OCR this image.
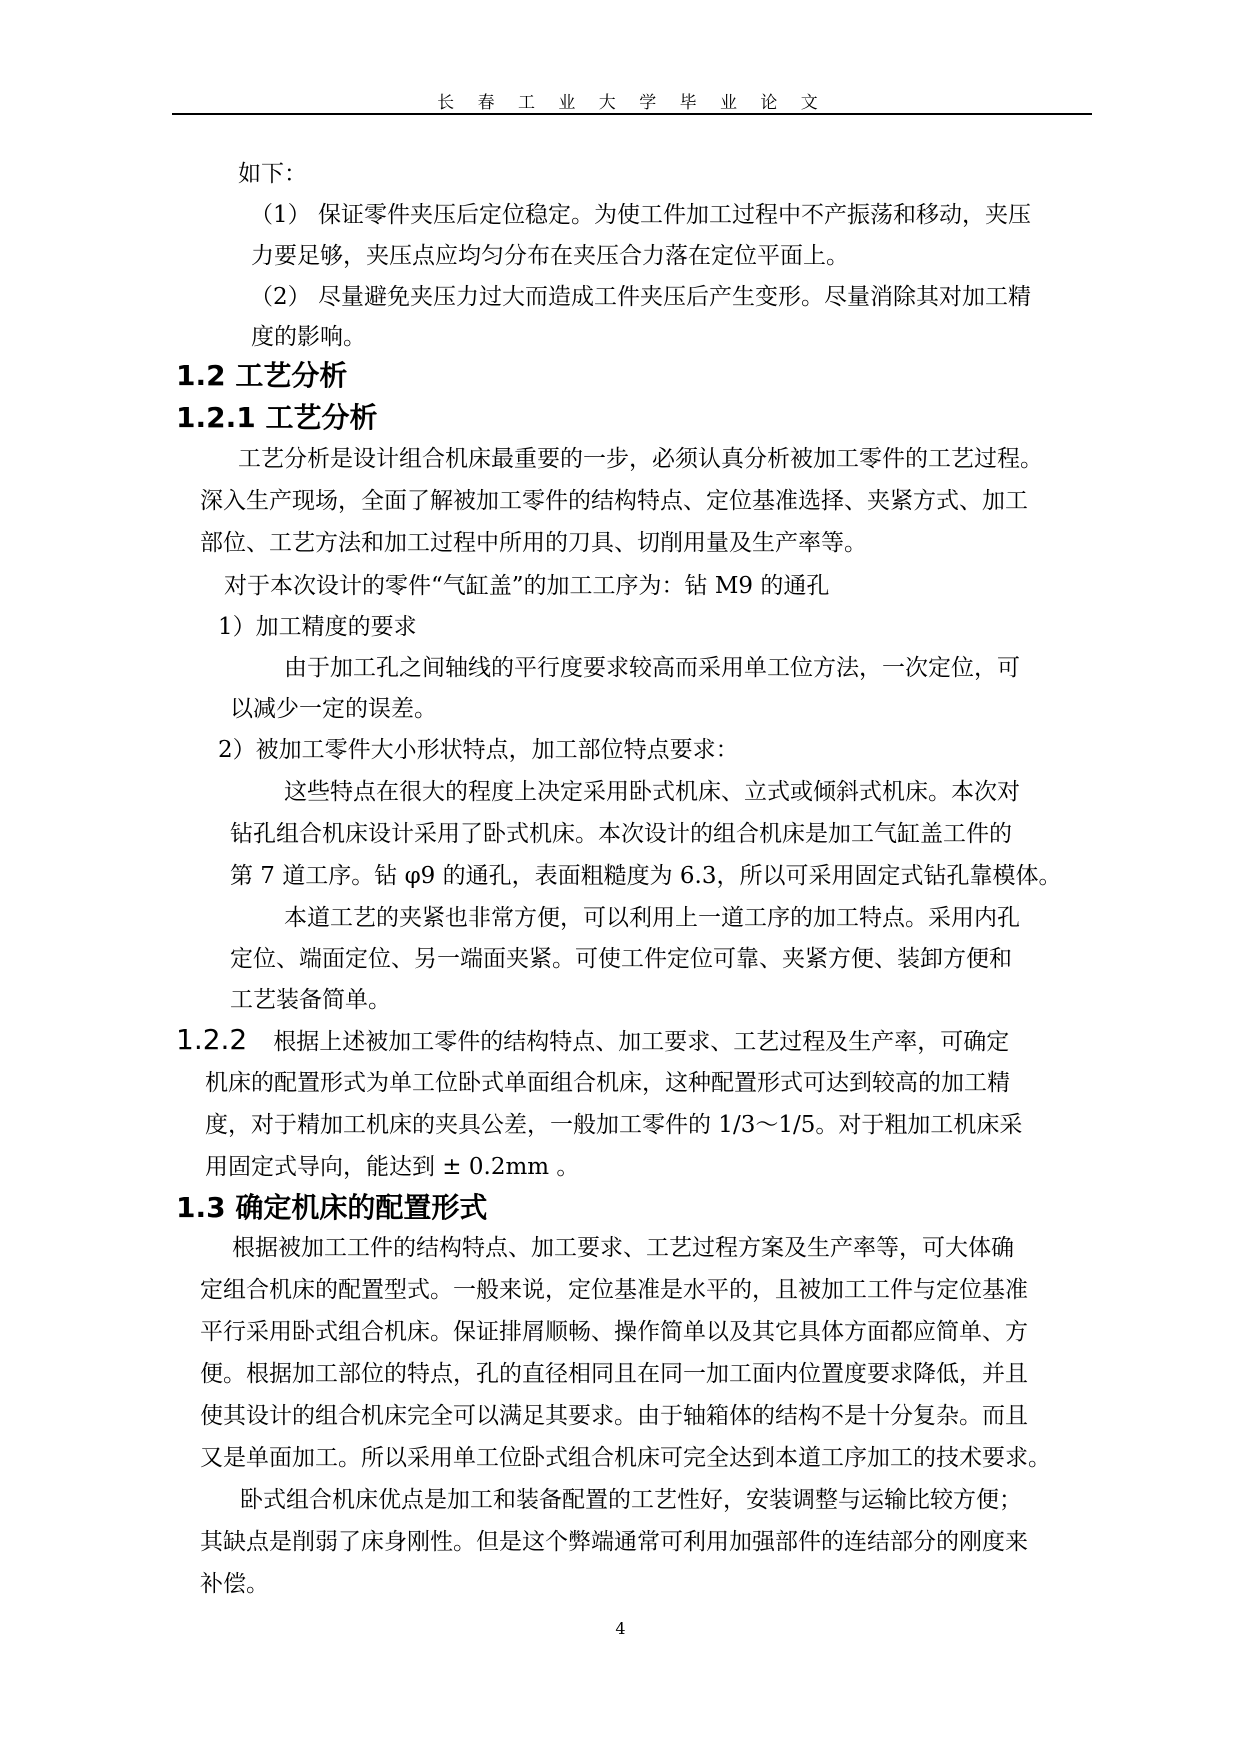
长 春 工 业 大 学 毕 业 论 文
如下：
（1） 保证零件夹压后定位稳定。为使工件加工过程中不产振荡和移动，夹压
力要足够，夹压点应均匀分布在夹压合力落在定位平面上。
（2） 尽量避免夹压力过大而造成工件夹压后产生变形。尽量消除其对加工精
度的影响。
1.2 工艺分析
1.2.1 工艺分析
工艺分析是设计组合机床最重要的一步，必须认真分析被加工零件的工艺过程。
深入生产现场，全面了解被加工零件的结构特点、定位基准选择、夹紧方式、加工
部位、工艺方法和加工过程中所用的刀具、切削用量及生产率等。
对于本次设计的零件“气缸盖”的加工工序为：钻 M9 的通孔
1）加工精度的要求
由于加工孔之间轴线的平行度要求较高而采用单工位方法，一次定位，可
以减少一定的误差。
2）被加工零件大小形状特点，加工部位特点要求：
这些特点在很大的程度上决定采用卧式机床、立式或倾斜式机床。本次对
钻孔组合机床设计采用了卧式机床。本次设计的组合机床是加工气缸盖工件的
第 7 道工序。钻 φ9 的通孔，表面粗糙度为 6.3，所以可采用固定式钻孔靠模体。
本道工艺的夹紧也非常方便，可以利用上一道工序的加工特点。采用内孔
定位、端面定位、另一端面夹紧。可使工件定位可靠、夹紧方便、装卸方便和
工艺装备简单。
1.2.2 根据上述被加工零件的结构特点、加工要求、工艺过程及生产率，可确定
机床的配置形式为单工位卧式单面组合机床，这种配置形式可达到较高的加工精
度，对于精加工机床的夹具公差，一般加工零件的 1/3～1/5。对于粗加工机床采
用固定式导向，能达到 ± 0.2mm 。
1.3 确定机床的配置形式
根据被加工工件的结构特点、加工要求、工艺过程方案及生产率等，可大体确
定组合机床的配置型式。一般来说，定位基准是水平的，且被加工工件与定位基准
平行采用卧式组合机床。保证排屑顺畅、操作简单以及其它具体方面都应简单、方
便。根据加工部位的特点，孔的直径相同且在同一加工面内位置度要求降低，并且
使其设计的组合机床完全可以满足其要求。由于轴箱体的结构不是十分复杂。而且
又是单面加工。所以采用单工位卧式组合机床可完全达到本道工序加工的技术要求。
卧式组合机床优点是加工和装备配置的工艺性好，安装调整与运输比较方便；
其缺点是削弱了床身刚性。但是这个弊端通常可利用加强部件的连结部分的刚度来
补偿。
4
